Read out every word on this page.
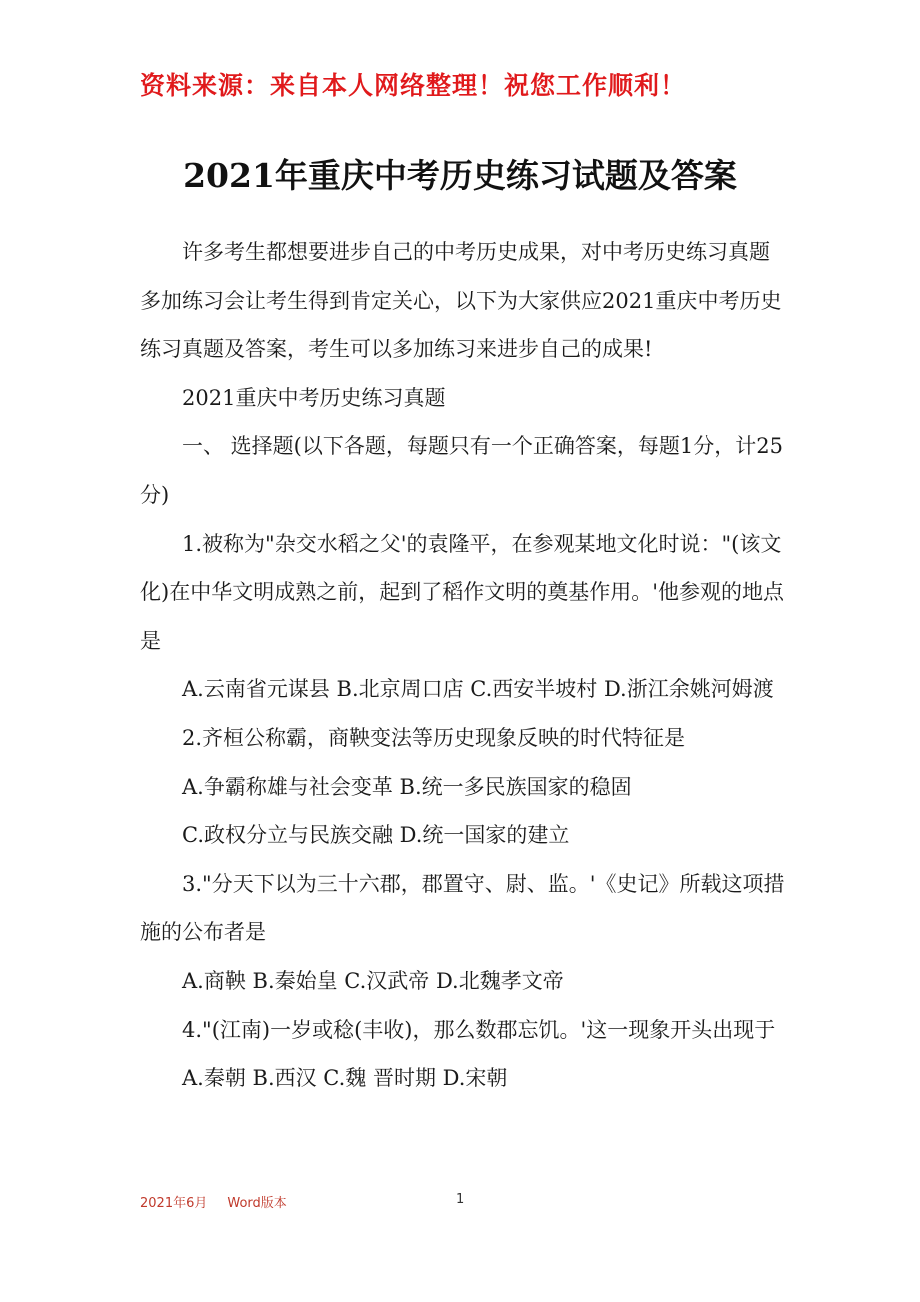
资料来源：来自本人网络整理！祝您工作顺利！
2021年重庆中考历史练习试题及答案

许多考生都想要进步自己的中考历史成果，对中考历史练习真题多加练习会让考生得到肯定关心，以下为大家供应2021重庆中考历史练习真题及答案，考生可以多加练习来进步自己的成果!

2021重庆中考历史练习真题

一、 选择题(以下各题，每题只有一个正确答案，每题1分，计25分)

1.被称为"杂交水稻之父'的袁隆平，在参观某地文化时说："(该文化)在中华文明成熟之前，起到了稻作文明的奠基作用。'他参观的地点是

A.云南省元谋县 B.北京周口店 C.西安半坡村 D.浙江余姚河姆渡

2.齐桓公称霸，商鞅变法等历史现象反映的时代特征是

A.争霸称雄与社会变革 B.统一多民族国家的稳固

C.政权分立与民族交融 D.统一国家的建立

3."分天下以为三十六郡，郡置守、尉、监。'《史记》所载这项措施的公布者是

A.商鞅 B.秦始皇 C.汉武帝 D.北魏孝文帝

4."(江南)一岁或稔(丰收)，那么数郡忘饥。'这一现象开头出现于

A.秦朝 B.西汉 C.魏 晋时期 D.宋朝

2021年6月 Word版本	1
